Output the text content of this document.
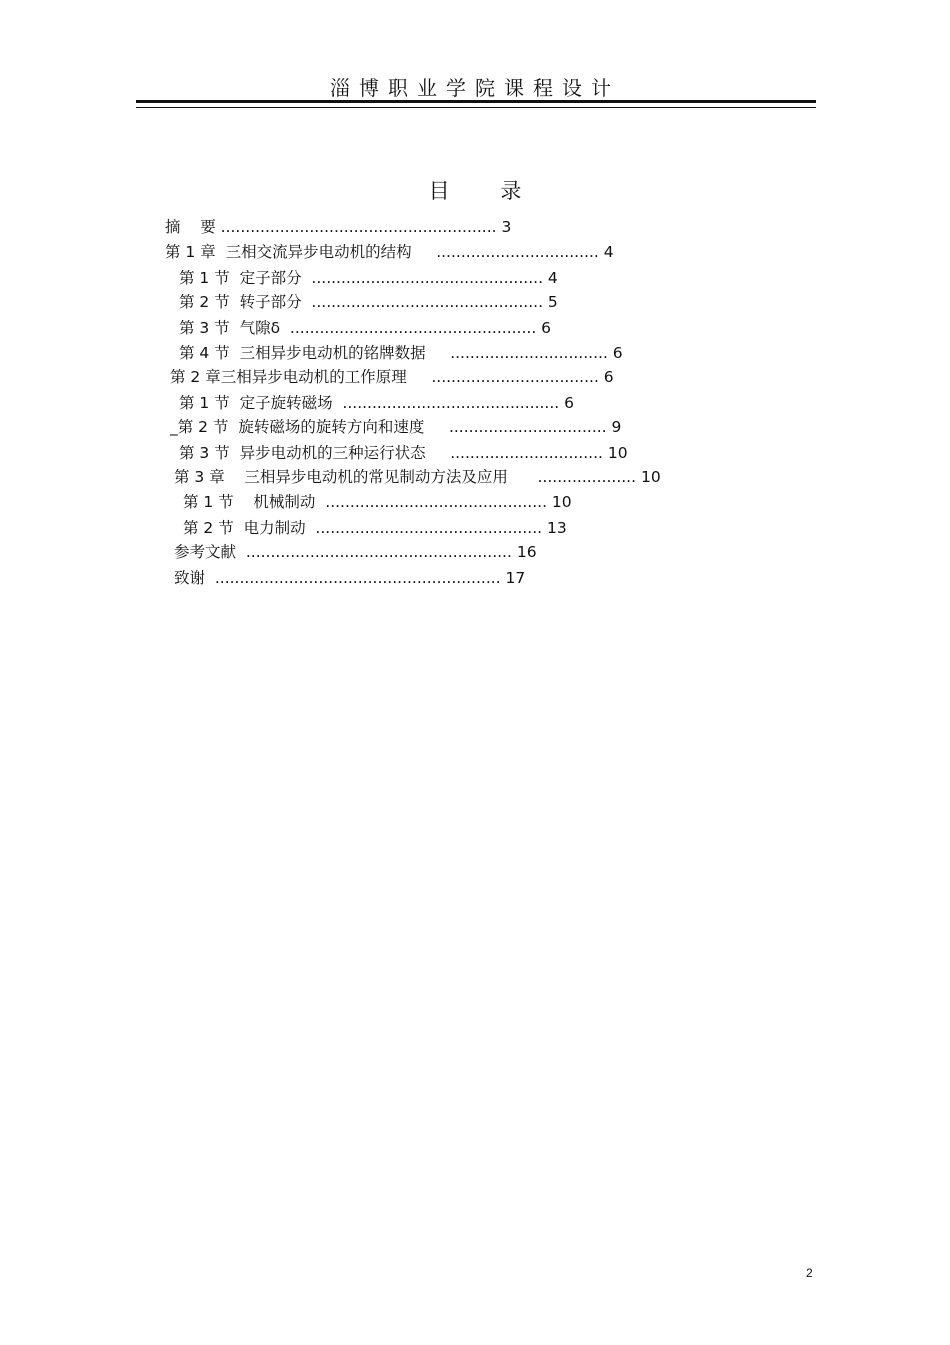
淄博职业学院课程设计
目 录
摘    要 ........................................................ 3
第 1 章  三相交流异步电动机的结构     ................................. 4
第 1 节  定子部分  ............................................... 4
第 2 节  转子部分  ............................................... 5
第 3 节  气隙δ  .................................................. 6
第 4 节  三相异步电动机的铭牌数据     ................................ 6
第 2 章三相异步电动机的工作原理     .................................. 6
第 1 节  定子旋转磁场  ............................................ 6
_第 2 节  旋转磁场的旋转方向和速度     ................................ 9
第 3 节  异步电动机的三种运行状态     ............................... 10
第 3 章    三相异步电动机的常见制动方法及应用      .................... 10
第 1 节    机械制动  ............................................. 10
第 2 节  电力制动  .............................................. 13
参考文献  ...................................................... 16
致谢  .......................................................... 17
2
